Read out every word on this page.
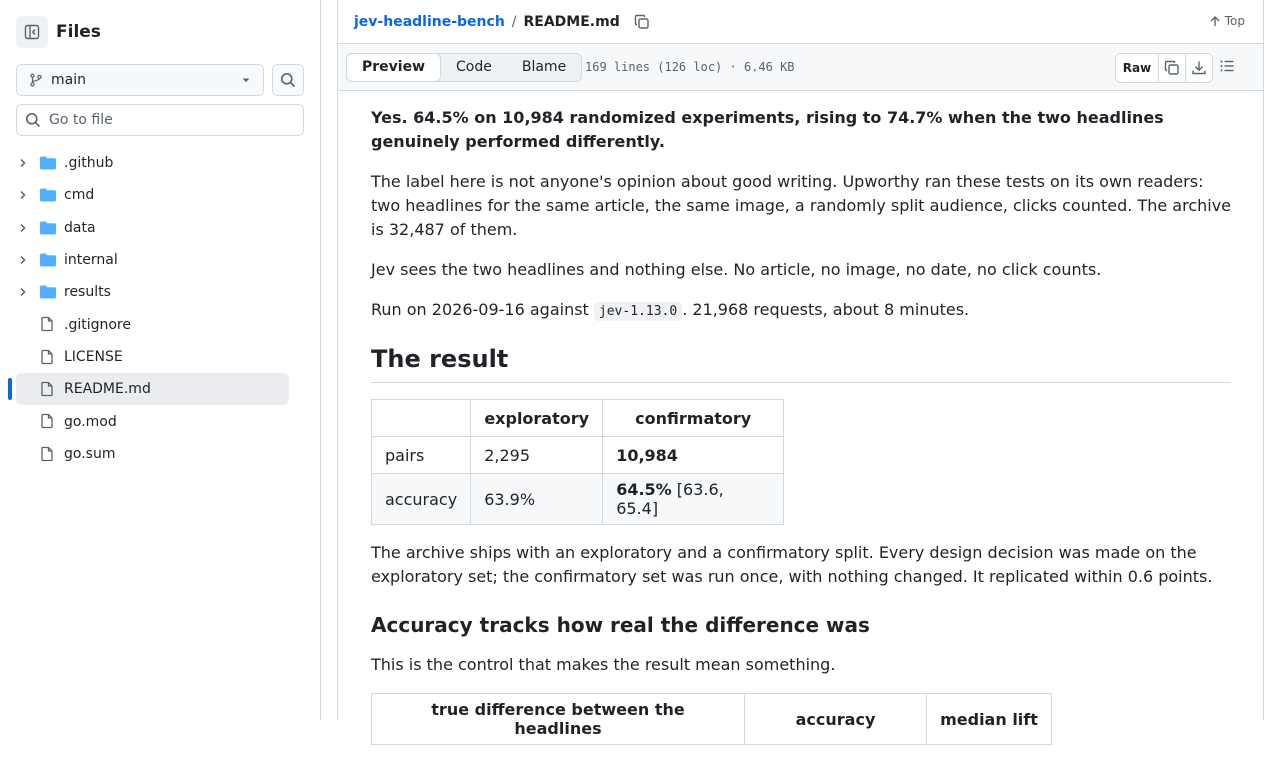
Files
main
Go to file
.github
cmd
data
internal
results
.gitignore
LICENSE
README.md
go.mod
go.sum
jev-headline-bench / README.md	Top
Preview	Code	Blame	169 lines (126 loc) · 6.46 KB	Raw

Yes. 64.5% on 10,984 randomized experiments, rising to 74.7% when the two headlines genuinely performed differently.

The label here is not anyone's opinion about good writing. Upworthy ran these tests on its own readers: two headlines for the same article, the same image, a randomly split audience, clicks counted. The archive is 32,487 of them.

Jev sees the two headlines and nothing else. No article, no image, no date, no click counts.

Run on 2026-09-16 against jev-1.13.0 . 21,968 requests, about 8 minutes.

The result
	exploratory	confirmatory
pairs	2,295	10,984
accuracy	63.9%	64.5% [63.6, 65.4]

The archive ships with an exploratory and a confirmatory split. Every design decision was made on the exploratory set; the confirmatory set was run once, with nothing changed. It replicated within 0.6 points.

Accuracy tracks how real the difference was

This is the control that makes the result mean something.

true difference between the headlines	accuracy	median lift
